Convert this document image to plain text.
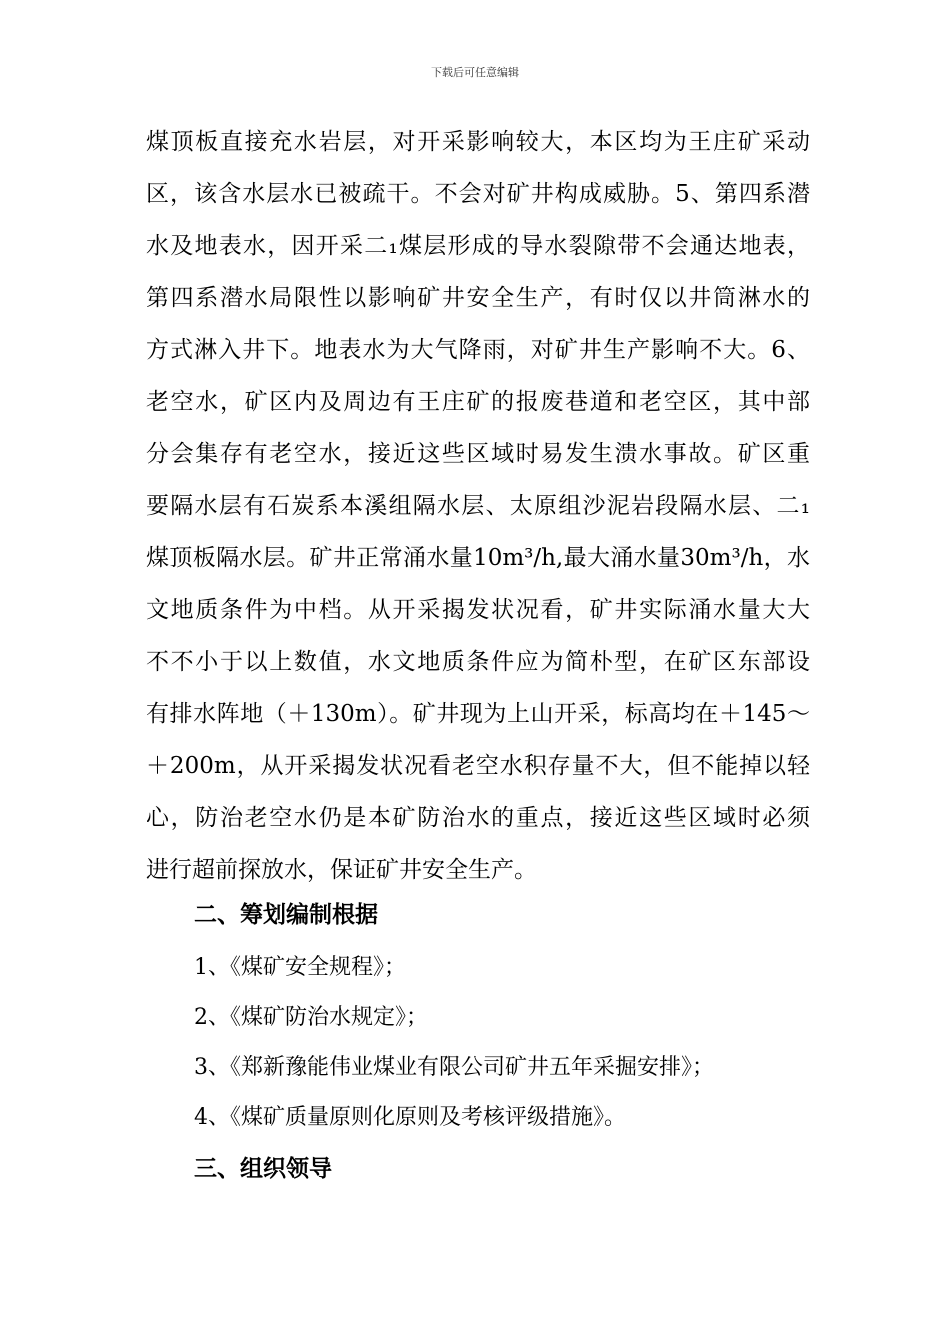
下载后可任意编辑
煤顶板直接充水岩层，对开采影响较大，本区均为王庄矿采动
区，该含水层水已被疏干。不会对矿井构成威胁。5、第四系潜
水及地表水，因开采二₁煤层形成的导水裂隙带不会通达地表，
第四系潜水局限性以影响矿井安全生产，有时仅以井筒淋水的
方式淋入井下。地表水为大气降雨，对矿井生产影响不大。6、
老空水，矿区内及周边有王庄矿的报废巷道和老空区，其中部
分会集存有老空水，接近这些区域时易发生溃水事故。矿区重
要隔水层有石炭系本溪组隔水层、太原组沙泥岩段隔水层、二₁
煤顶板隔水层。矿井正常涌水量10m³/h,最大涌水量30m³/h，水
文地质条件为中档。从开采揭发状况看，矿井实际涌水量大大
不不小于以上数值，水文地质条件应为简朴型，在矿区东部设
有排水阵地（＋130m）。矿井现为上山开采，标高均在＋145～
＋200m，从开采揭发状况看老空水积存量不大，但不能掉以轻
心，防治老空水仍是本矿防治水的重点，接近这些区域时必须
进行超前探放水，保证矿井安全生产。
二、筹划编制根据
1、《煤矿安全规程》；
2、《煤矿防治水规定》；
3、《郑新豫能伟业煤业有限公司矿井五年采掘安排》；
4、《煤矿质量原则化原则及考核评级措施》。
三、组织领导
